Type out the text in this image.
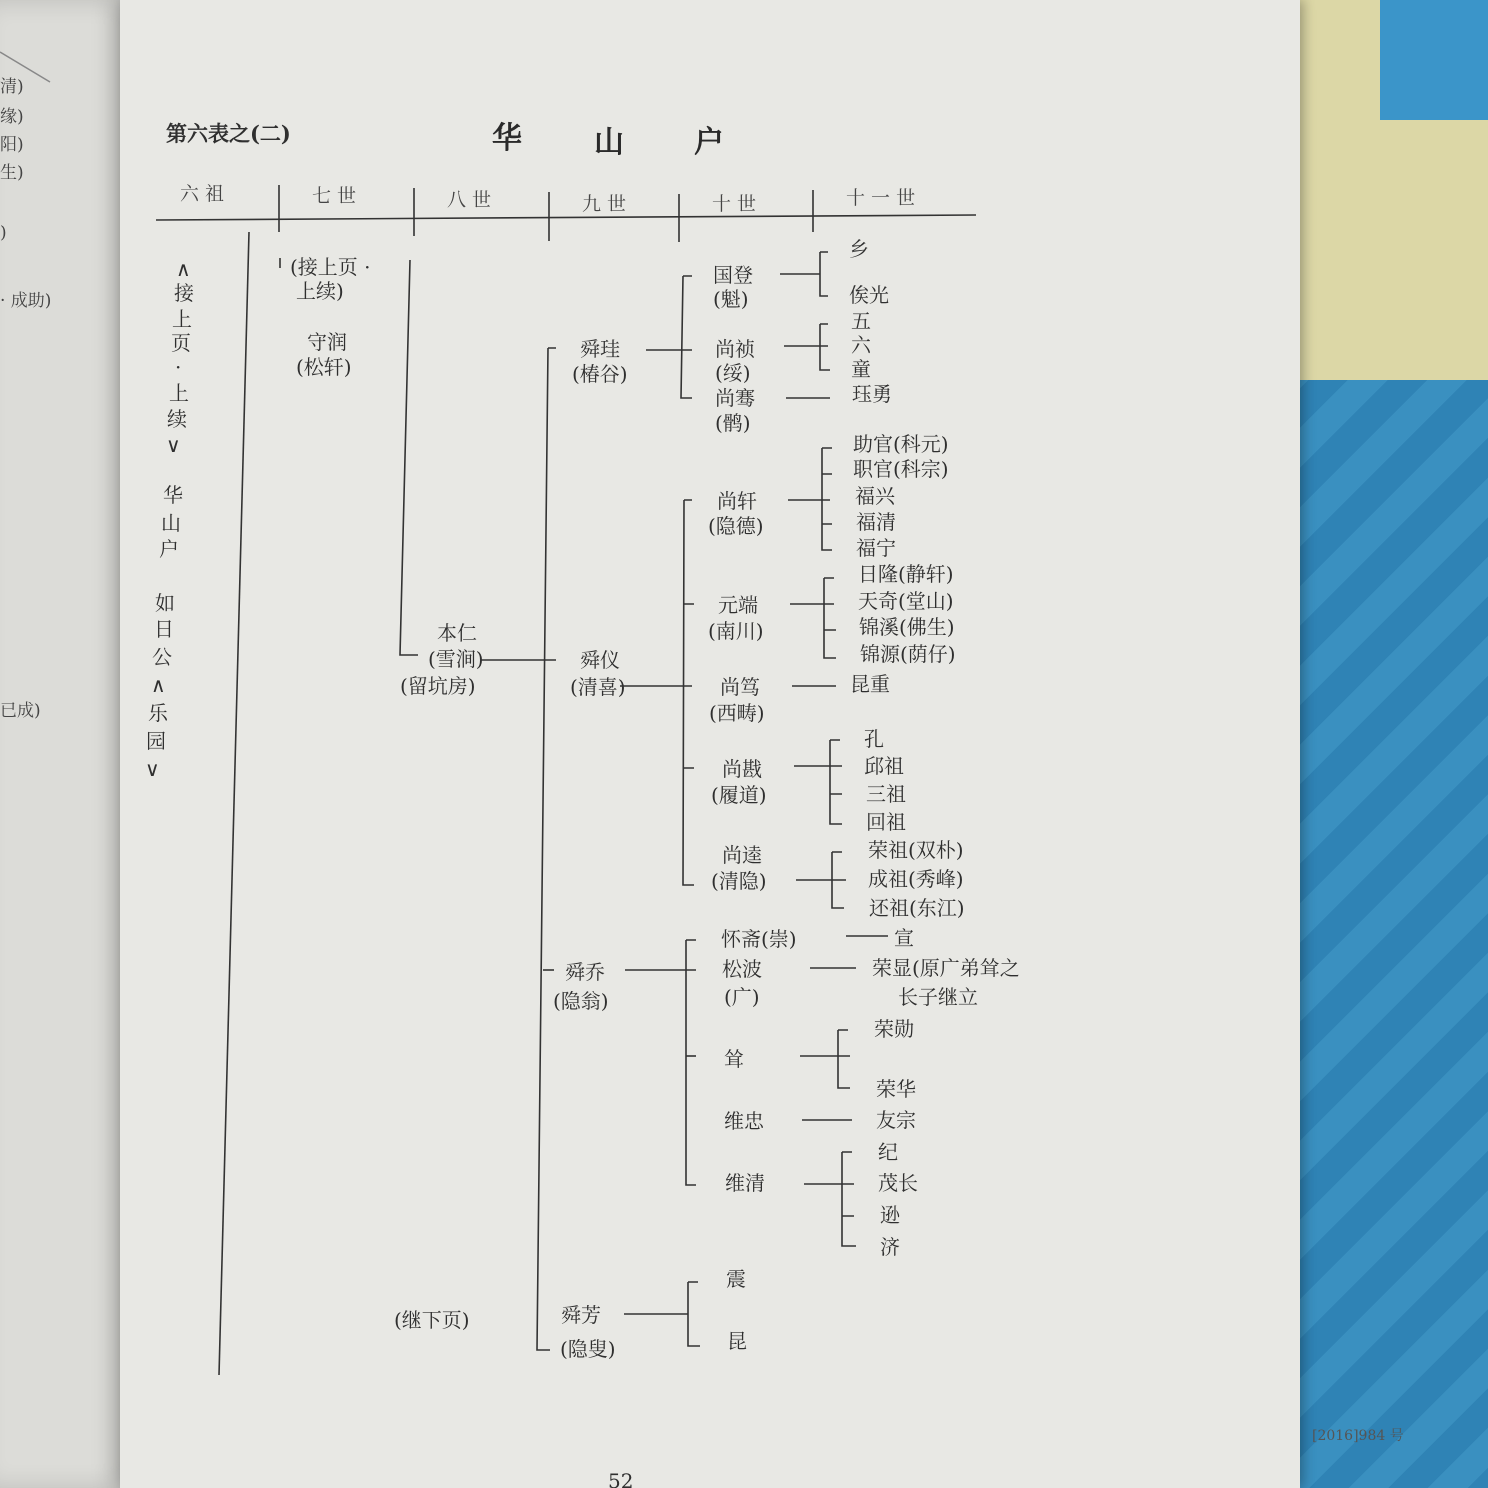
清)
缘)
阳)
生)
)
· 成助)
已成)
第六表之(二)	华 山 户
六 祖	七 世	八 世	九 世	十 世	十 一 世
∧
接
上
页
·
上
续
∨
华
山
户
如
日
公
∧
乐
园
∨
(接上页 ·
上续)
守润
(松轩)
本仁
(雪涧)
(留坑房)
(继下页)
舜珪
(椿谷)
舜仪
(清喜)
舜乔
(隐翁)
舜芳
(隐叟)
国登
(魁)
尚祯
(绥)
尚骞
(鹘)
尚轩
(隐德)
元端
(南川)
尚笃
(西畴)
尚戡
(履道)
尚逵
(清隐)
怀斋(崇)
松波
(广)
耸
维忠
维清
震
昆
乡
俟光
五
六
童
珏勇
助官(科元)
职官(科宗)
福兴
福清
福宁
日隆(静轩)
天奇(堂山)
锦溪(佛生)
锦源(荫仔)
昆重
孔
邱祖
三祖
回祖
荣祖(双朴)
成祖(秀峰)
还祖(东江)
宣
荣显(原广弟耸之
长子继立
荣勋
荣华
友宗
纪
茂长
逊
济
52
[2016]984 号
